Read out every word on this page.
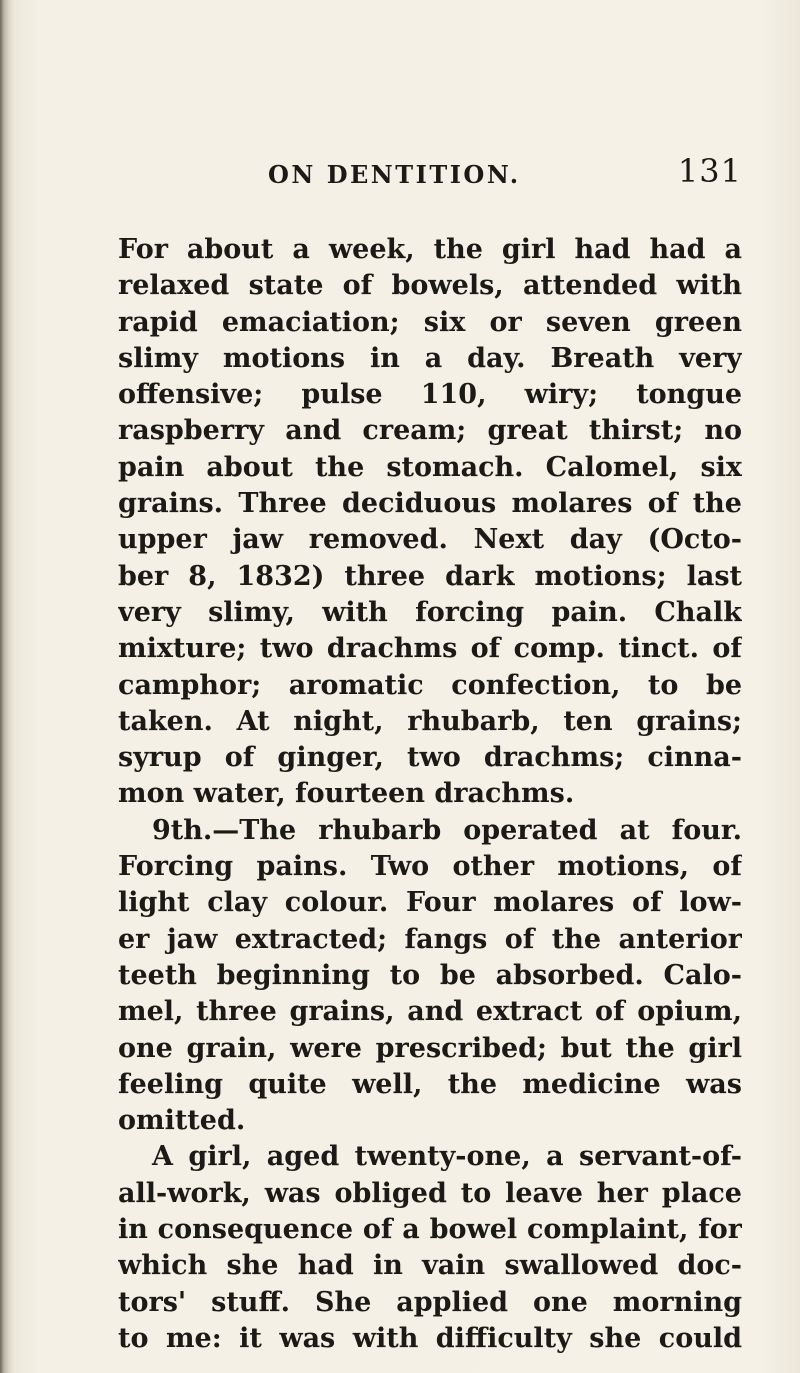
ON DENTITION.	131
For about a week, the girl had had a
relaxed state of bowels, attended with
rapid emaciation; six or seven green
slimy motions in a day. Breath very
offensive; pulse 110, wiry; tongue
raspberry and cream; great thirst; no
pain about the stomach. Calomel, six
grains. Three deciduous molares of the
upper jaw removed. Next day (Octo-
ber 8, 1832) three dark motions; last
very slimy, with forcing pain. Chalk
mixture; two drachms of comp. tinct. of
camphor; aromatic confection, to be
taken. At night, rhubarb, ten grains;
syrup of ginger, two drachms; cinna-
mon water, fourteen drachms.
9th.—The rhubarb operated at four.
Forcing pains. Two other motions, of
light clay colour. Four molares of low-
er jaw extracted; fangs of the anterior
teeth beginning to be absorbed. Calo-
mel, three grains, and extract of opium,
one grain, were prescribed; but the girl
feeling quite well, the medicine was
omitted.
A girl, aged twenty-one, a servant-of-
all-work, was obliged to leave her place
in consequence of a bowel complaint, for
which she had in vain swallowed doc-
tors' stuff. She applied one morning
to me: it was with difficulty she could
